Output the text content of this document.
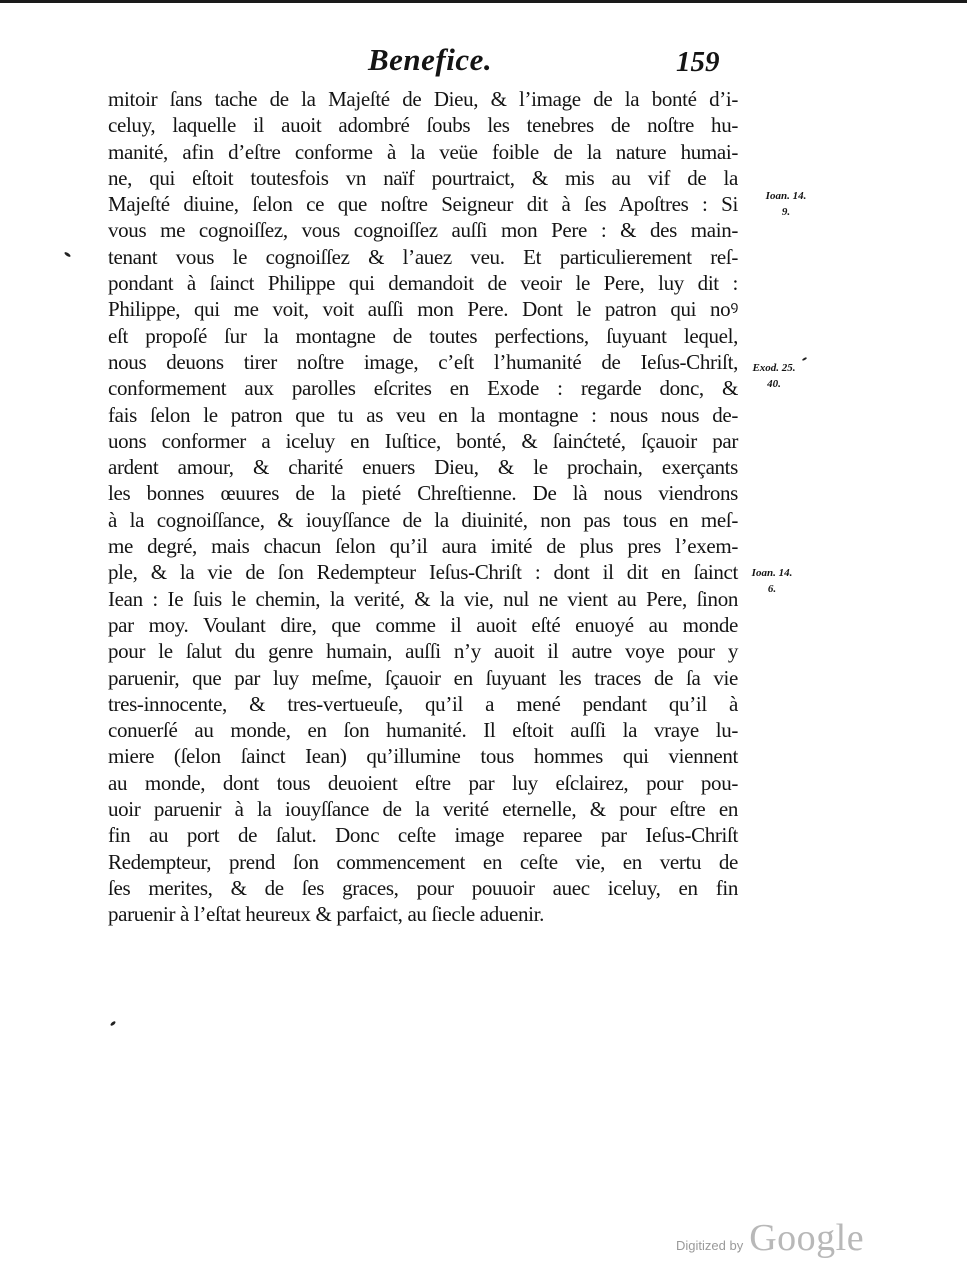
Benefice.	159
mitoir ſans tache de la Majeſté de Dieu, & l’image de la bonté d’i-
celuy, laquelle il auoit adombré ſoubs les tenebres de noſtre hu-
manité, afin d’eſtre conforme à la veüe foible de la nature humai-
ne, qui eſtoit toutesfois vn naïf pourtraict, & mis au vif de la
Majeſté diuine, ſelon ce que noſtre Seigneur dit à ſes Apoſtres : Si
vous me cognoiſſez, vous cognoiſſez auſſi mon Pere : & des main-
tenant vous le cognoiſſez & l’auez veu. Et particulierement reſ-
pondant à ſainct Philippe qui demandoit de veoir le Pere, luy dit :
Philippe, qui me voit, voit auſſi mon Pere. Dont le patron qui noꝰ
eſt propoſé ſur la montagne de toutes perfections, ſuyuant lequel,
nous deuons tirer noſtre image, c’eſt l’humanité de Ieſus-Chriſt,
conformement aux parolles eſcrites en Exode : regarde donc, &
fais ſelon le patron que tu as veu en la montagne : nous nous de-
uons conformer a iceluy en Iuſtice, bonté, & ſainćteté, ſçauoir par
ardent amour, & charité enuers Dieu, & le prochain, exerçants
les bonnes œuures de la pieté Chreſtienne. De là nous viendrons
à la cognoiſſance, & iouyſſance de la diuinité, non pas tous en meſ-
me degré, mais chacun ſelon qu’il aura imité de plus pres l’exem-
ple, & la vie de ſon Redempteur Ieſus-Chriſt : dont il dit en ſainct
Iean : Ie ſuis le chemin, la verité, & la vie, nul ne vient au Pere, ſinon
par moy. Voulant dire, que comme il auoit eſté enuoyé au monde
pour le ſalut du genre humain, auſſi n’y auoit il autre voye pour y
paruenir, que par luy meſme, ſçauoir en ſuyuant les traces de ſa vie
tres-innocente, & tres-vertueuſe, qu’il a mené pendant qu’il à
conuerſé au monde, en ſon humanité. Il eſtoit auſſi la vraye lu-
miere (ſelon ſainct Iean) qu’illumine tous hommes qui viennent
au monde, dont tous deuoient eſtre par luy eſclairez, pour pou-
uoir paruenir à la iouyſſance de la verité eternelle, & pour eſtre en
fin au port de ſalut. Donc ceſte image reparee par Ieſus-Chriſt
Redempteur, prend ſon commencement en ceſte vie, en vertu de
ſes merites, & de ſes graces, pour pouuoir auec iceluy, en fin
paruenir à l’eſtat heureux & parfaict, au ſiecle aduenir.
Ioan. 14.
9.
Exod. 25.
40.
Ioan. 14.
6.
Digitized by Google
